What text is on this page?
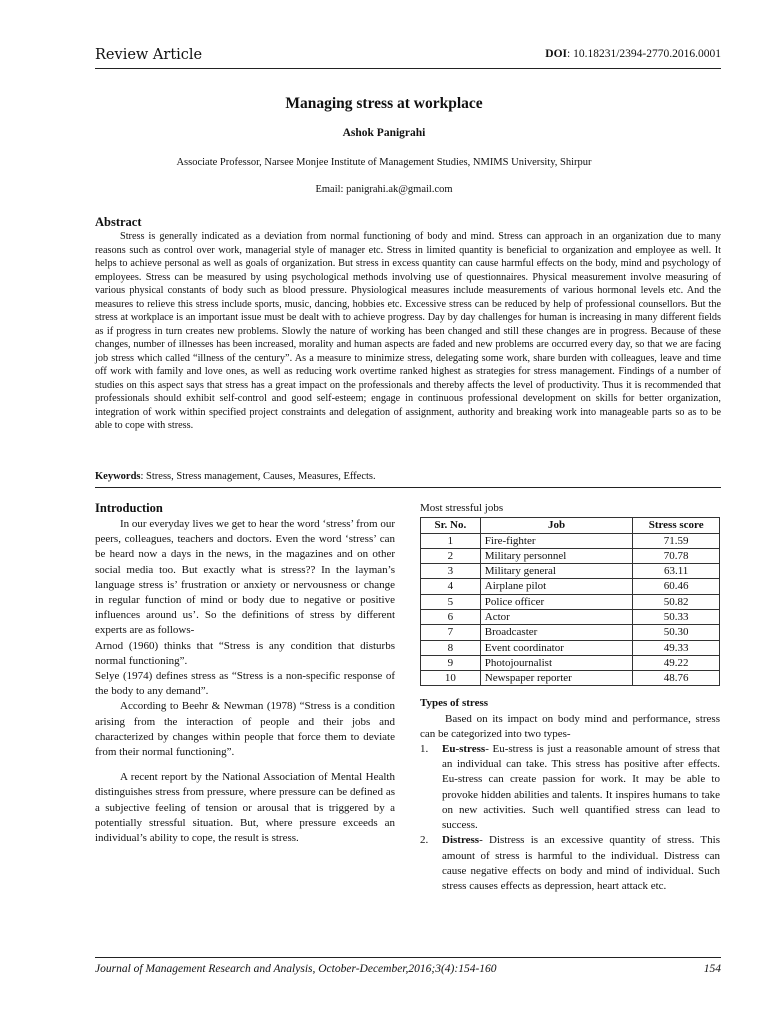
Review Article	DOI: 10.18231/2394-2770.2016.0001
Managing stress at workplace
Ashok Panigrahi
Associate Professor, Narsee Monjee Institute of Management Studies, NMIMS University, Shirpur
Email: panigrahi.ak@gmail.com
Abstract

Stress is generally indicated as a deviation from normal functioning of body and mind. Stress can approach in an organization due to many reasons such as control over work, managerial style of manager etc. Stress in limited quantity is beneficial to organization and employee as well. It helps to achieve personal as well as goals of organization. But stress in excess quantity can cause harmful effects on the body, mind and psychology of employees. Stress can be measured by using psychological methods involving use of questionnaires. Physical measurement involve measuring of various physical constants of body such as blood pressure. Physiological measures include measurements of various hormonal levels etc. And the measures to relieve this stress include sports, music, dancing, hobbies etc. Excessive stress can be reduced by help of professional counsellors. But the stress at workplace is an important issue must be dealt with to achieve progress. Day by day challenges for human is increasing in many different fields as if progress in turn creates new problems. Slowly the nature of working has been changed and still these changes are in progress. Because of these changes, number of illnesses has been increased, morality and human aspects are faded and new problems are occurred every day, so that we are facing job stress which called “illness of the century”. As a measure to minimize stress, delegating some work, share burden with colleagues, leave and time off work with family and love ones, as well as reducing work overtime ranked highest as strategies for stress management. Findings of a number of studies on this aspect says that stress has a great impact on the professionals and thereby affects the level of productivity. Thus it is recommended that professionals should exhibit self-control and good self-esteem; engage in continuous professional development on skills for better organization, integration of work within specified project constraints and delegation of assignment, authority and breaking work into manageable parts so as to be able to cope with stress.

Keywords: Stress, Stress management, Causes, Measures, Effects.
Introduction

In our everyday lives we get to hear the word ‘stress’ from our peers, colleagues, teachers and doctors. Even the word ‘stress’ can be heard now a days in the news, in the magazines and on other social media too. But exactly what is stress?? In the layman’s language stress is’ frustration or anxiety or nervousness or change in regular function of mind or body due to negative or positive influences around us’. So the definitions of stress by different experts are as follows-

Arnod (1960) thinks that “Stress is any condition that disturbs normal functioning”.

Selye (1974) defines stress as “Stress is a non-specific response of the body to any demand”.

According to Beehr & Newman (1978) “Stress is a condition arising from the interaction of people and their jobs and characterized by changes within people that force them to deviate from their normal functioning”.

A recent report by the National Association of Mental Health distinguishes stress from pressure, where pressure can be defined as a subjective feeling of tension or arousal that is triggered by a potentially stressful situation. But, where pressure exceeds an individual’s ability to cope, the result is stress.

Most stressful jobs

Sr. No.	Job	Stress score
1	Fire-fighter	71.59
2	Military personnel	70.78
3	Military general	63.11
4	Airplane pilot	60.46
5	Police officer	50.82
6	Actor	50.33
7	Broadcaster	50.30
8	Event coordinator	49.33
9	Photojournalist	49.22
10	Newspaper reporter	48.76

Types of stress

Based on its impact on body mind and performance, stress can be categorized into two types-

1. Eu-stress- Eu-stress is just a reasonable amount of stress that an individual can take. This stress has positive after effects. Eu-stress can create passion for work. It may be able to provoke hidden abilities and talents. It inspires humans to take on new activities. Such well quantified stress can lead to success.
2. Distress- Distress is an excessive quantity of stress. This amount of stress is harmful to the individual. Distress can cause negative effects on body and mind of individual. Such stress causes effects as depression, heart attack etc.
Journal of Management Research and Analysis, October-December,2016;3(4):154-160	154
